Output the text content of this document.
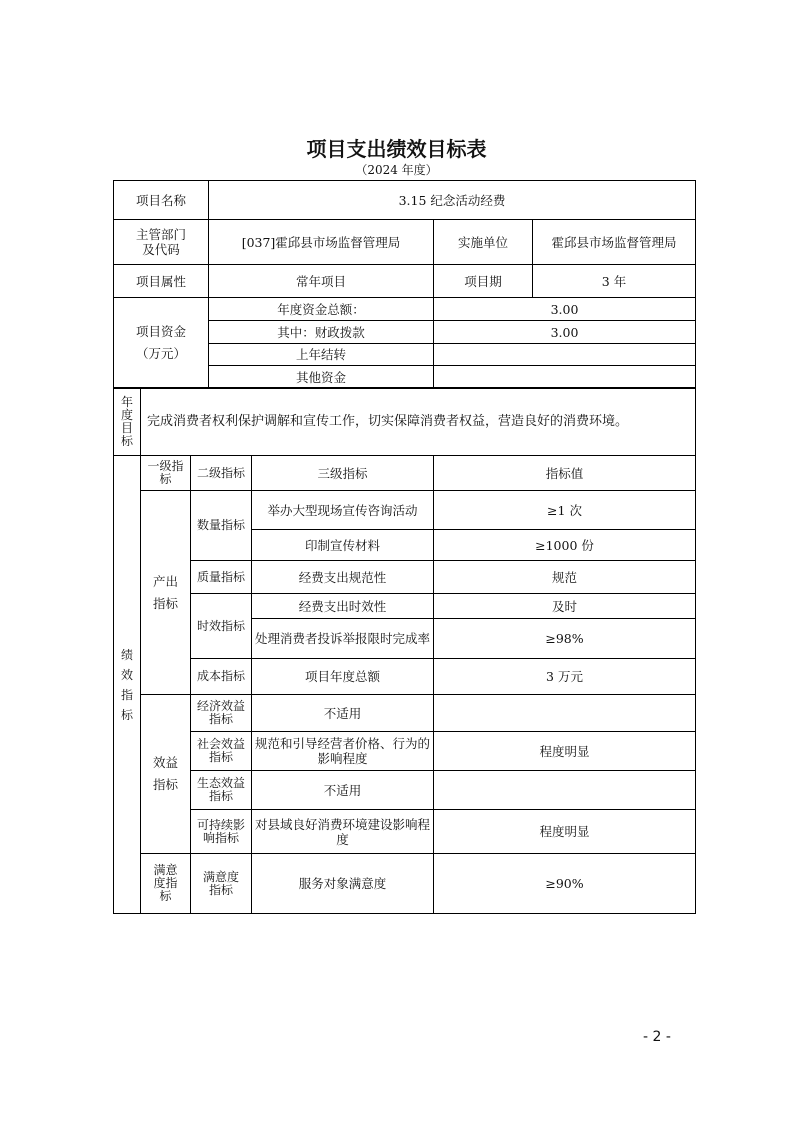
项目支出绩效目标表
（2024 年度）
项目名称	3.15 纪念活动经费		
主管部门及代码	[037]霍邱县市场监督管理局	实施单位	霍邱县市场监督管理局
项目属性	常年项目	项目期	3 年
项目资金（万元）	年度资金总额：	3.00	
	其中：财政拨款	3.00	
	上年结转		
	其他资金		
年度目标	完成消费者权利保护调解和宣传工作，切实保障消费者权益，营造良好的消费环境。			
绩效指标	一级指标	二级指标	三级指标	指标值
	产出指标	数量指标	举办大型现场宣传咨询活动	≥1 次
			印制宣传材料	≥1000 份
		质量指标	经费支出规范性	规范
		时效指标	经费支出时效性	及时
			处理消费者投诉举报限时完成率	≥98%
		成本指标	项目年度总额	3 万元
	效益指标	经济效益指标	不适用	
		社会效益指标	规范和引导经营者价格、行为的影响程度	程度明显
		生态效益指标	不适用	
		可持续影响指标	对县域良好消费环境建设影响程度	程度明显
	满意度指标	满意度指标	服务对象满意度	≥90%
- 2 -
